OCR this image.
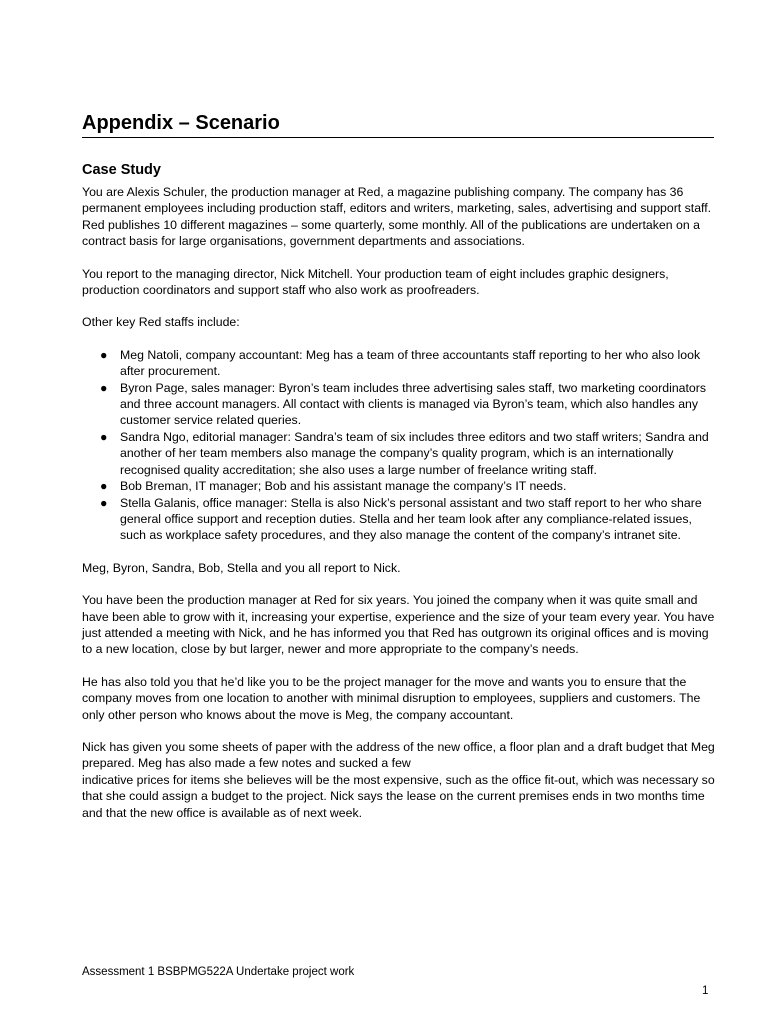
Appendix – Scenario
Case Study

You are Alexis Schuler, the production manager at Red, a magazine publishing company. The company has 36 permanent employees including production staff, editors and writers, marketing, sales, advertising and support staff. Red publishes 10 different magazines – some quarterly, some monthly. All of the publications are undertaken on a contract basis for large organisations, government departments and associations.

You report to the managing director, Nick Mitchell. Your production team of eight includes graphic designers, production coordinators and support staff who also work as proofreaders.

Other key Red staffs include:

● Meg Natoli, company accountant: Meg has a team of three accountants staff reporting to her who also look after procurement.
● Byron Page, sales manager: Byron’s team includes three advertising sales staff, two marketing coordinators and three account managers. All contact with clients is managed via Byron’s team, which also handles any customer service related queries.
● Sandra Ngo, editorial manager: Sandra’s team of six includes three editors and two staff writers; Sandra and another of her team members also manage the company’s quality program, which is an internationally recognised quality accreditation; she also uses a large number of freelance writing staff.
● Bob Breman, IT manager; Bob and his assistant manage the company’s IT needs.
● Stella Galanis, office manager: Stella is also Nick’s personal assistant and two staff report to her who share general office support and reception duties. Stella and her team look after any compliance-related issues, such as workplace safety procedures, and they also manage the content of the company’s intranet site.

Meg, Byron, Sandra, Bob, Stella and you all report to Nick.

You have been the production manager at Red for six years. You joined the company when it was quite small and have been able to grow with it, increasing your expertise, experience and the size of your team every year. You have just attended a meeting with Nick, and he has informed you that Red has outgrown its original offices and is moving to a new location, close by but larger, newer and more appropriate to the company’s needs.

He has also told you that he’d like you to be the project manager for the move and wants you to ensure that the company moves from one location to another with minimal disruption to employees, suppliers and customers. The only other person who knows about the move is Meg, the company accountant.

Nick has given you some sheets of paper with the address of the new office, a floor plan and a draft budget that Meg prepared. Meg has also made a few notes and sucked a few

indicative prices for items she believes will be the most expensive, such as the office fit-out, which was necessary so that she could assign a budget to the project. Nick says the lease on the current premises ends in two months time and that the new office is available as of next week.

Assessment 1 BSBPMG522A Undertake project work
1
